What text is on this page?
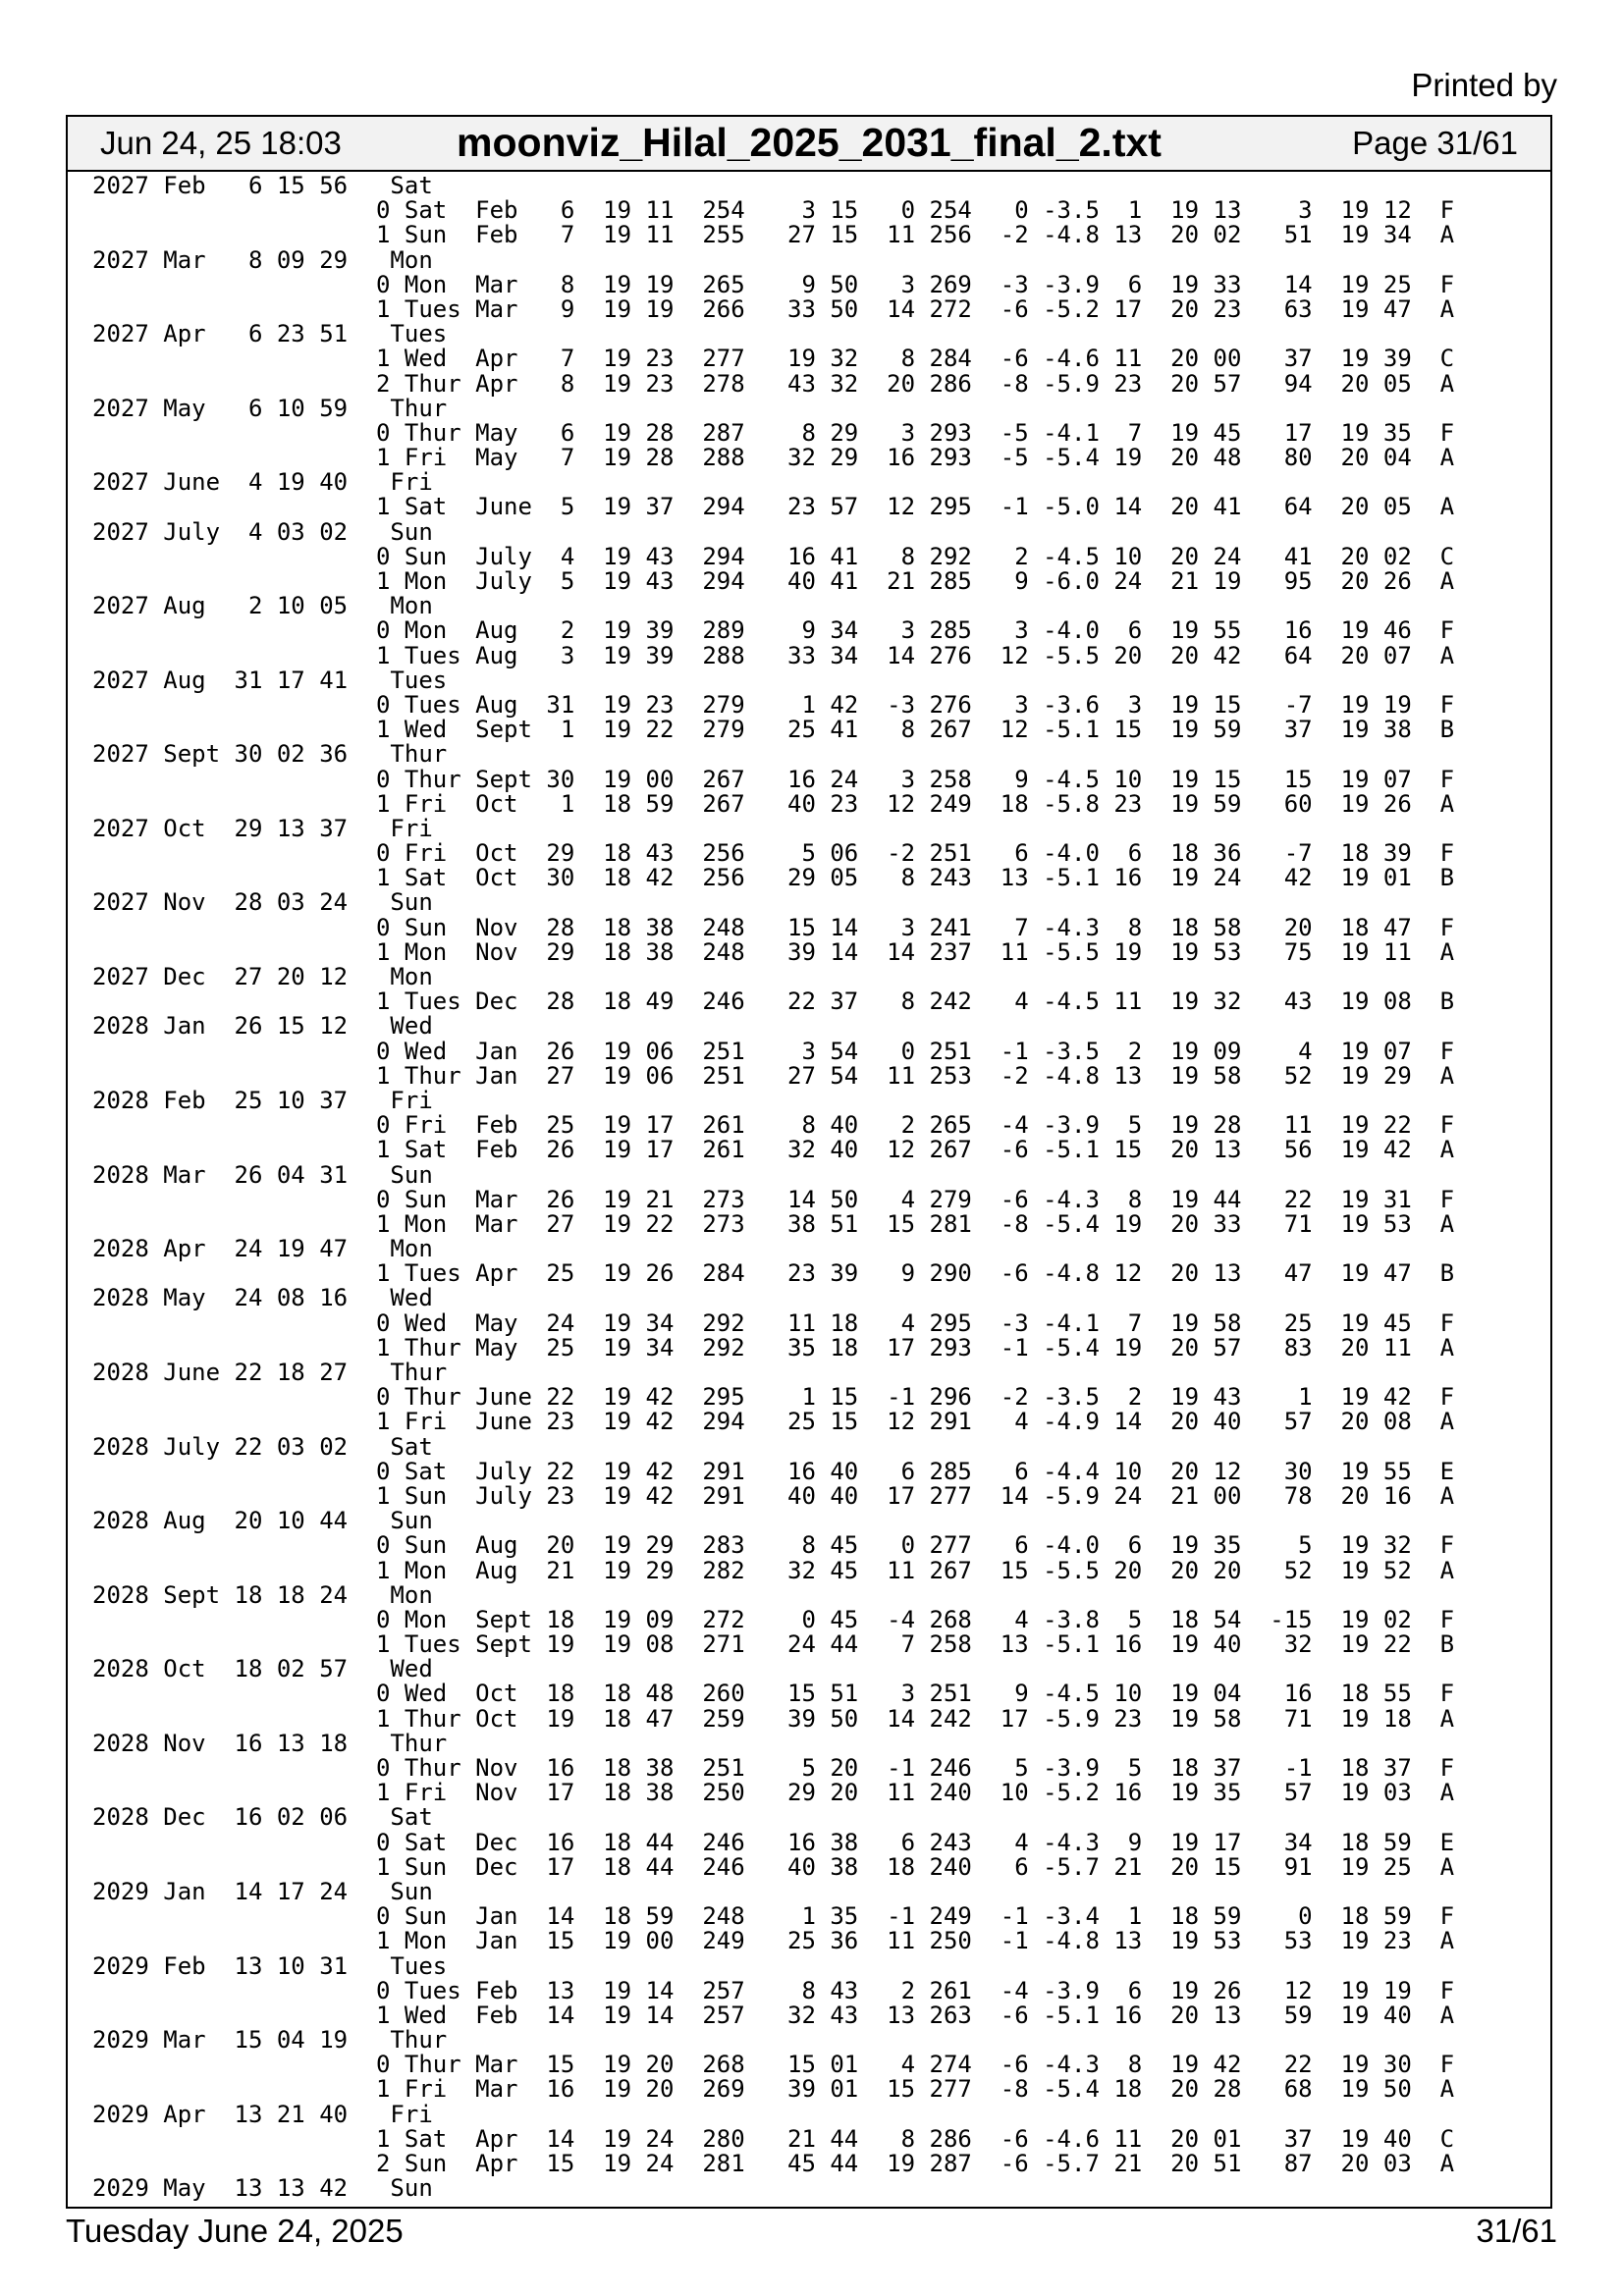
Printed by
Jun 24, 25 18:03	moonviz_Hilal_2025_2031_final_2.txt	Page 31/61
2027 Feb   6 15 56   Sat
0 Sat  Feb   6  19 11  254    3 15   0 254   0 -3.5  1  19 13    3  19 12  F
1 Sun  Feb   7  19 11  255   27 15  11 256  -2 -4.8 13  20 02   51  19 34  A
2027 Mar   8 09 29   Mon
0 Mon  Mar   8  19 19  265    9 50   3 269  -3 -3.9  6  19 33   14  19 25  F
1 Tues Mar   9  19 19  266   33 50  14 272  -6 -5.2 17  20 23   63  19 47  A
2027 Apr   6 23 51   Tues
1 Wed  Apr   7  19 23  277   19 32   8 284  -6 -4.6 11  20 00   37  19 39  C
2 Thur Apr   8  19 23  278   43 32  20 286  -8 -5.9 23  20 57   94  20 05  A
2027 May   6 10 59   Thur
0 Thur May   6  19 28  287    8 29   3 293  -5 -4.1  7  19 45   17  19 35  F
1 Fri  May   7  19 28  288   32 29  16 293  -5 -5.4 19  20 48   80  20 04  A
2027 June  4 19 40   Fri
1 Sat  June  5  19 37  294   23 57  12 295  -1 -5.0 14  20 41   64  20 05  A
2027 July  4 03 02   Sun
0 Sun  July  4  19 43  294   16 41   8 292   2 -4.5 10  20 24   41  20 02  C
1 Mon  July  5  19 43  294   40 41  21 285   9 -6.0 24  21 19   95  20 26  A
2027 Aug   2 10 05   Mon
0 Mon  Aug   2  19 39  289    9 34   3 285   3 -4.0  6  19 55   16  19 46  F
1 Tues Aug   3  19 39  288   33 34  14 276  12 -5.5 20  20 42   64  20 07  A
2027 Aug  31 17 41   Tues
0 Tues Aug  31  19 23  279    1 42  -3 276   3 -3.6  3  19 15   -7  19 19  F
1 Wed  Sept  1  19 22  279   25 41   8 267  12 -5.1 15  19 59   37  19 38  B
2027 Sept 30 02 36   Thur
0 Thur Sept 30  19 00  267   16 24   3 258   9 -4.5 10  19 15   15  19 07  F
1 Fri  Oct   1  18 59  267   40 23  12 249  18 -5.8 23  19 59   60  19 26  A
2027 Oct  29 13 37   Fri
0 Fri  Oct  29  18 43  256    5 06  -2 251   6 -4.0  6  18 36   -7  18 39  F
1 Sat  Oct  30  18 42  256   29 05   8 243  13 -5.1 16  19 24   42  19 01  B
2027 Nov  28 03 24   Sun
0 Sun  Nov  28  18 38  248   15 14   3 241   7 -4.3  8  18 58   20  18 47  F
1 Mon  Nov  29  18 38  248   39 14  14 237  11 -5.5 19  19 53   75  19 11  A
2027 Dec  27 20 12   Mon
1 Tues Dec  28  18 49  246   22 37   8 242   4 -4.5 11  19 32   43  19 08  B
2028 Jan  26 15 12   Wed
0 Wed  Jan  26  19 06  251    3 54   0 251  -1 -3.5  2  19 09    4  19 07  F
1 Thur Jan  27  19 06  251   27 54  11 253  -2 -4.8 13  19 58   52  19 29  A
2028 Feb  25 10 37   Fri
0 Fri  Feb  25  19 17  261    8 40   2 265  -4 -3.9  5  19 28   11  19 22  F
1 Sat  Feb  26  19 17  261   32 40  12 267  -6 -5.1 15  20 13   56  19 42  A
2028 Mar  26 04 31   Sun
0 Sun  Mar  26  19 21  273   14 50   4 279  -6 -4.3  8  19 44   22  19 31  F
1 Mon  Mar  27  19 22  273   38 51  15 281  -8 -5.4 19  20 33   71  19 53  A
2028 Apr  24 19 47   Mon
1 Tues Apr  25  19 26  284   23 39   9 290  -6 -4.8 12  20 13   47  19 47  B
2028 May  24 08 16   Wed
0 Wed  May  24  19 34  292   11 18   4 295  -3 -4.1  7  19 58   25  19 45  F
1 Thur May  25  19 34  292   35 18  17 293  -1 -5.4 19  20 57   83  20 11  A
2028 June 22 18 27   Thur
0 Thur June 22  19 42  295    1 15  -1 296  -2 -3.5  2  19 43    1  19 42  F
1 Fri  June 23  19 42  294   25 15  12 291   4 -4.9 14  20 40   57  20 08  A
2028 July 22 03 02   Sat
0 Sat  July 22  19 42  291   16 40   6 285   6 -4.4 10  20 12   30  19 55  E
1 Sun  July 23  19 42  291   40 40  17 277  14 -5.9 24  21 00   78  20 16  A
2028 Aug  20 10 44   Sun
0 Sun  Aug  20  19 29  283    8 45   0 277   6 -4.0  6  19 35    5  19 32  F
1 Mon  Aug  21  19 29  282   32 45  11 267  15 -5.5 20  20 20   52  19 52  A
2028 Sept 18 18 24   Mon
0 Mon  Sept 18  19 09  272    0 45  -4 268   4 -3.8  5  18 54  -15  19 02  F
1 Tues Sept 19  19 08  271   24 44   7 258  13 -5.1 16  19 40   32  19 22  B
2028 Oct  18 02 57   Wed
0 Wed  Oct  18  18 48  260   15 51   3 251   9 -4.5 10  19 04   16  18 55  F
1 Thur Oct  19  18 47  259   39 50  14 242  17 -5.9 23  19 58   71  19 18  A
2028 Nov  16 13 18   Thur
0 Thur Nov  16  18 38  251    5 20  -1 246   5 -3.9  5  18 37   -1  18 37  F
1 Fri  Nov  17  18 38  250   29 20  11 240  10 -5.2 16  19 35   57  19 03  A
2028 Dec  16 02 06   Sat
0 Sat  Dec  16  18 44  246   16 38   6 243   4 -4.3  9  19 17   34  18 59  E
1 Sun  Dec  17  18 44  246   40 38  18 240   6 -5.7 21  20 15   91  19 25  A
2029 Jan  14 17 24   Sun
0 Sun  Jan  14  18 59  248    1 35  -1 249  -1 -3.4  1  18 59    0  18 59  F
1 Mon  Jan  15  19 00  249   25 36  11 250  -1 -4.8 13  19 53   53  19 23  A
2029 Feb  13 10 31   Tues
0 Tues Feb  13  19 14  257    8 43   2 261  -4 -3.9  6  19 26   12  19 19  F
1 Wed  Feb  14  19 14  257   32 43  13 263  -6 -5.1 16  20 13   59  19 40  A
2029 Mar  15 04 19   Thur
0 Thur Mar  15  19 20  268   15 01   4 274  -6 -4.3  8  19 42   22  19 30  F
1 Fri  Mar  16  19 20  269   39 01  15 277  -8 -5.4 18  20 28   68  19 50  A
2029 Apr  13 21 40   Fri
1 Sat  Apr  14  19 24  280   21 44   8 286  -6 -4.6 11  20 01   37  19 40  C
2 Sun  Apr  15  19 24  281   45 44  19 287  -6 -5.7 21  20 51   87  20 03  A
2029 May  13 13 42   Sun
Tuesday June 24, 2025	31/61
